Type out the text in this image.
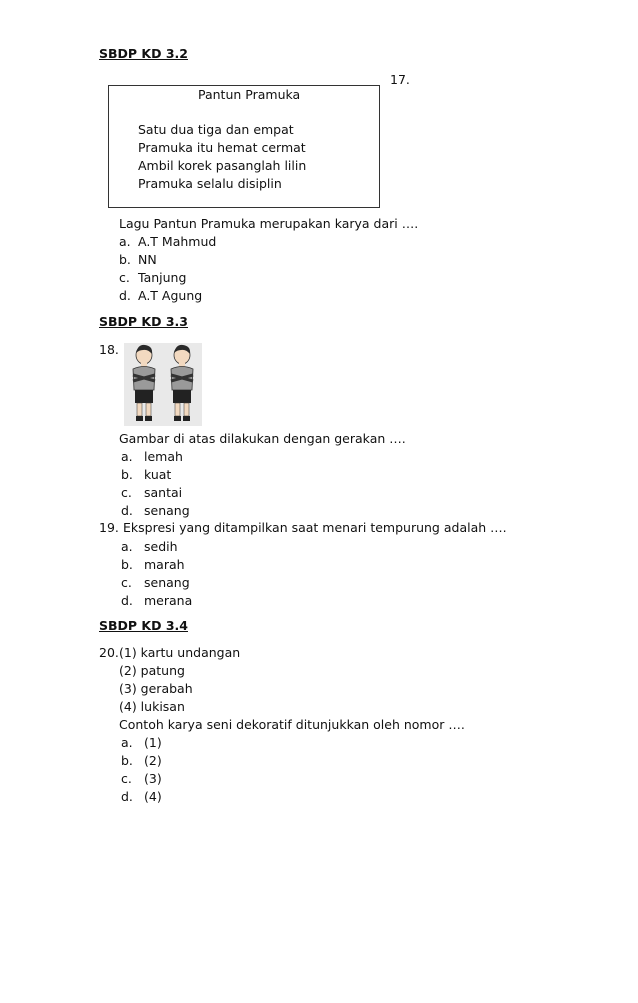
SBDP KD 3.2
17.
Pantun Pramuka
Satu dua tiga dan empat
Pramuka itu hemat cermat
Ambil korek pasanglah lilin
Pramuka selalu disiplin
Lagu Pantun Pramuka merupakan karya dari ….
a. A.T Mahmud
b. NN
c. Tanjung
d. A.T Agung
SBDP KD 3.3
18.
Gambar di atas dilakukan dengan gerakan ….
a. lemah
b. kuat
c. santai
d. senang
19. Ekspresi yang ditampilkan saat menari tempurung adalah ….
a. sedih
b. marah
c. senang
d. merana
SBDP KD 3.4
20. (1) kartu undangan
(2) patung
(3) gerabah
(4) lukisan
Contoh karya seni dekoratif ditunjukkan oleh nomor ….
a. (1)
b. (2)
c. (3)
d. (4)
